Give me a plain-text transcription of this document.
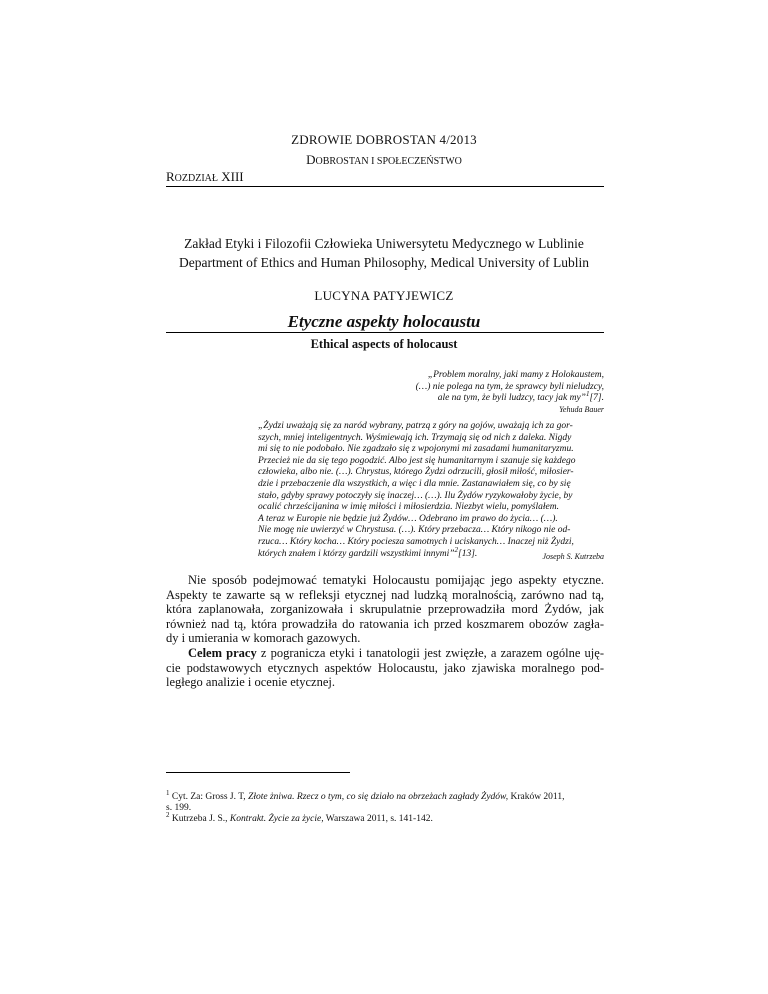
ZDROWIE DOBROSTAN 4/2013
DOBROSTAN I SPOŁECZEŃSTWO
ROZDZIAŁ XIII
Zakład Etyki i Filozofii Człowieka Uniwersytetu Medycznego w Lublinie
Department of Ethics and Human Philosophy, Medical University of Lublin
LUCYNA PATYJEWICZ
Etyczne aspekty holocaustu
Ethical aspects of holocaust
„Problem moralny, jaki mamy z Holokaustem,
(…) nie polega na tym, że sprawcy byli nieludzcy,
ale na tym, że byli ludzcy, tacy jak my”$^1$[7].
Yehuda Bauer
„Żydzi uważają się za naród wybrany, patrzą z góry na gojów, uważają ich za gor-
szych, mniej inteligentnych. Wyśmiewają ich. Trzymają się od nich z daleka. Nigdy
mi się to nie podobało. Nie zgadzało się z wpojonymi mi zasadami humanitaryzmu.
Przecież nie da się tego pogodzić. Albo jest się humanitarnym i szanuje się każdego
człowieka, albo nie. (…). Chrystus, którego Żydzi odrzucili, głosił miłość, miłosier-
dzie i przebaczenie dla wszystkich, a więc i dla mnie. Zastanawiałem się, co by się
stało, gdyby sprawy potoczyły się inaczej… (…). Ilu Żydów ryzykowałoby życie, by
ocalić chrześcijanina w imię miłości i miłosierdzia. Niezbyt wielu, pomyślałem.
A teraz w Europie nie będzie już Żydów… Odebrano im prawo do życia… (…).
Nie mogę nie uwierzyć w Chrystusa. (…). Który przebacza… Który nikogo nie od-
rzuca… Który kocha… Który pociesza samotnych i uciskanych… Inaczej niż Żydzi,
których znałem i którzy gardzili wszystkimi innymi”$^2$[13].	Joseph S. Kutrzeba
Nie sposób podejmować tematyki Holocaustu pomijając jego aspekty etyczne.
Aspekty te zawarte są w refleksji etycznej nad ludzką moralnością, zarówno nad tą,
która zaplanowała, zorganizowała i skrupulatnie przeprowadziła mord Żydów, jak
również nad tą, która prowadziła do ratowania ich przed koszmarem obozów zagła-
dy i umierania w komorach gazowych.
Celem pracy z pogranicza etyki i tanatologii jest zwięzłe, a zarazem ogólne uję-
cie podstawowych etycznych aspektów Holocaustu, jako zjawiska moralnego pod-
ległego analizie i ocenie etycznej.
$^1$ Cyt. Za: Gross J. T, Złote żniwa. Rzecz o tym, co się działo na obrzeżach zagłady Żydów, Kraków 2011,
s. 199.
$^2$ Kutrzeba J. S., Kontrakt. Życie za życie, Warszawa 2011, s. 141-142.
